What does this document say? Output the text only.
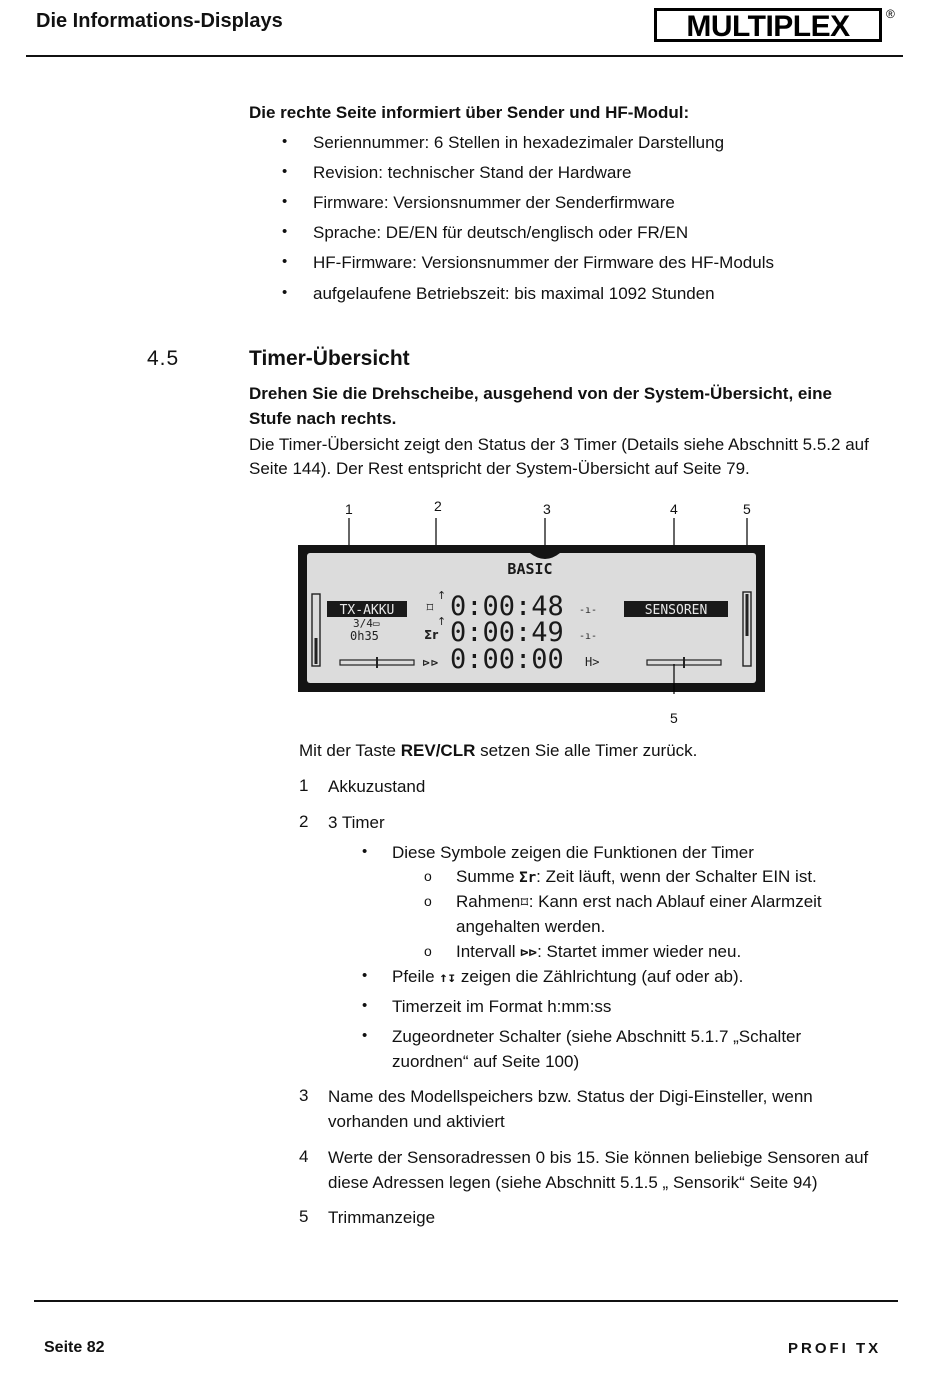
Die Informations-Displays	MULTIPLEX	®
Die rechte Seite informiert über Sender und HF-Modul:
• Seriennummer: 6 Stellen in hexadezimaler Darstellung
• Revision: technischer Stand der Hardware
• Firmware: Versionsnummer der Senderfirmware
• Sprache: DE/EN für deutsch/englisch oder FR/EN
• HF-Firmware: Versionsnummer der Firmware des HF-Moduls
• aufgelaufene Betriebszeit: bis maximal 1092 Stunden
4.5	Timer-Übersicht
Drehen Sie die Drehscheibe, ausgehend von der System-Übersicht, eine
Stufe nach rechts.
Die Timer-Übersicht zeigt den Status der 3 Timer (Details siehe Abschnitt 5.5.2 auf
Seite 144). Der Rest entspricht der System-Übersicht auf Seite 79.
1	2	3	4	5
5
BASIC
TX-AKKU
3/4▭
0h35
⌑
↑
Σr
↑
⊳⊳
0:00:48
0:00:49
0:00:00
-ı-
-ı-
H>
SENSOREN
Mit der Taste REV/CLR setzen Sie alle Timer zurück.
1 Akkuzustand
2 3 Timer
• Diese Symbole zeigen die Funktionen der Timer
o Summe Σr: Zeit läuft, wenn der Schalter EIN ist.
o Rahmen⌑: Kann erst nach Ablauf einer Alarmzeit
angehalten werden.
o Intervall ⊳⊳: Startet immer wieder neu.
• Pfeile ↑↧ zeigen die Zählrichtung (auf oder ab).
• Timerzeit im Format h:mm:ss
• Zugeordneter Schalter (siehe Abschnitt 5.1.7 „Schalter
zuordnen“ auf Seite 100)
3 Name des Modellspeichers bzw. Status der Digi-Einsteller, wenn
vorhanden und aktiviert
4 Werte der Sensoradressen 0 bis 15. Sie können beliebige Sensoren auf
diese Adressen legen (siehe Abschnitt 5.1.5 „ Sensorik“ Seite 94)
5 Trimmanzeige
Seite 82	PROFI TX
